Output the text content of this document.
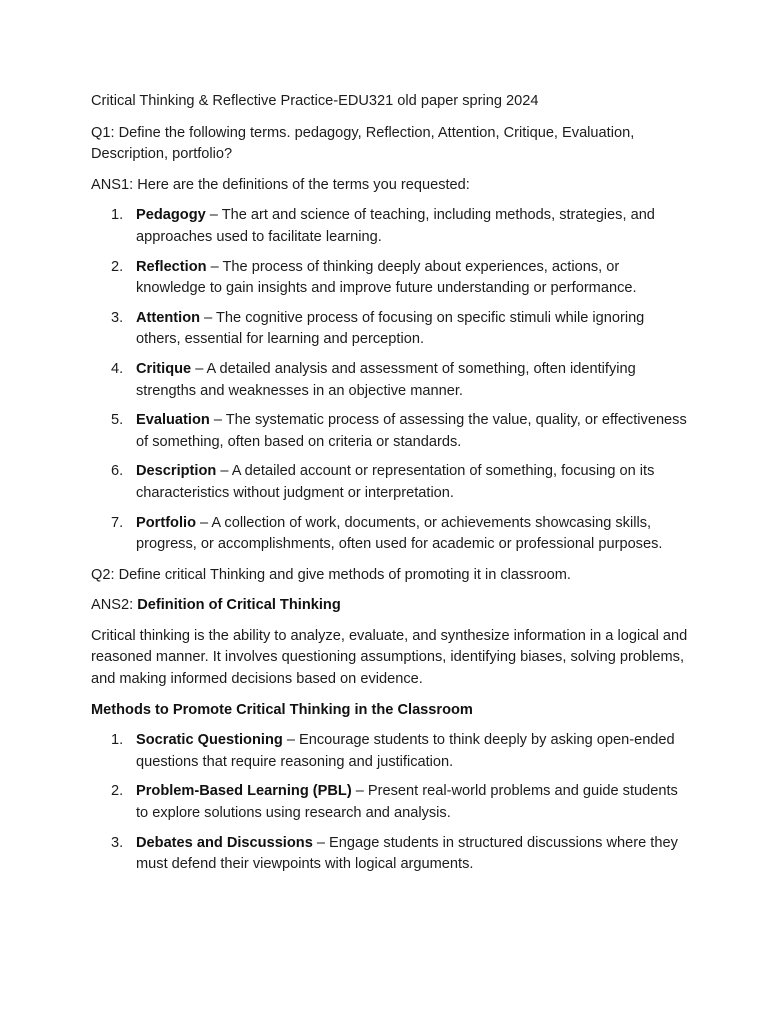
Critical Thinking & Reflective Practice-EDU321 old paper spring 2024

Q1: Define the following terms. pedagogy, Reflection, Attention, Critique, Evaluation, Description, portfolio?

ANS1: Here are the definitions of the terms you requested:

1. Pedagogy – The art and science of teaching, including methods, strategies, and approaches used to facilitate learning.
2. Reflection – The process of thinking deeply about experiences, actions, or knowledge to gain insights and improve future understanding or performance.
3. Attention – The cognitive process of focusing on specific stimuli while ignoring others, essential for learning and perception.
4. Critique – A detailed analysis and assessment of something, often identifying strengths and weaknesses in an objective manner.
5. Evaluation – The systematic process of assessing the value, quality, or effectiveness of something, often based on criteria or standards.
6. Description – A detailed account or representation of something, focusing on its characteristics without judgment or interpretation.
7. Portfolio – A collection of work, documents, or achievements showcasing skills, progress, or accomplishments, often used for academic or professional purposes.

Q2: Define critical Thinking and give methods of promoting it in classroom.

ANS2: Definition of Critical Thinking

Critical thinking is the ability to analyze, evaluate, and synthesize information in a logical and reasoned manner. It involves questioning assumptions, identifying biases, solving problems, and making informed decisions based on evidence.

Methods to Promote Critical Thinking in the Classroom

1. Socratic Questioning – Encourage students to think deeply by asking open-ended questions that require reasoning and justification.
2. Problem-Based Learning (PBL) – Present real-world problems and guide students to explore solutions using research and analysis.
3. Debates and Discussions – Engage students in structured discussions where they must defend their viewpoints with logical arguments.
